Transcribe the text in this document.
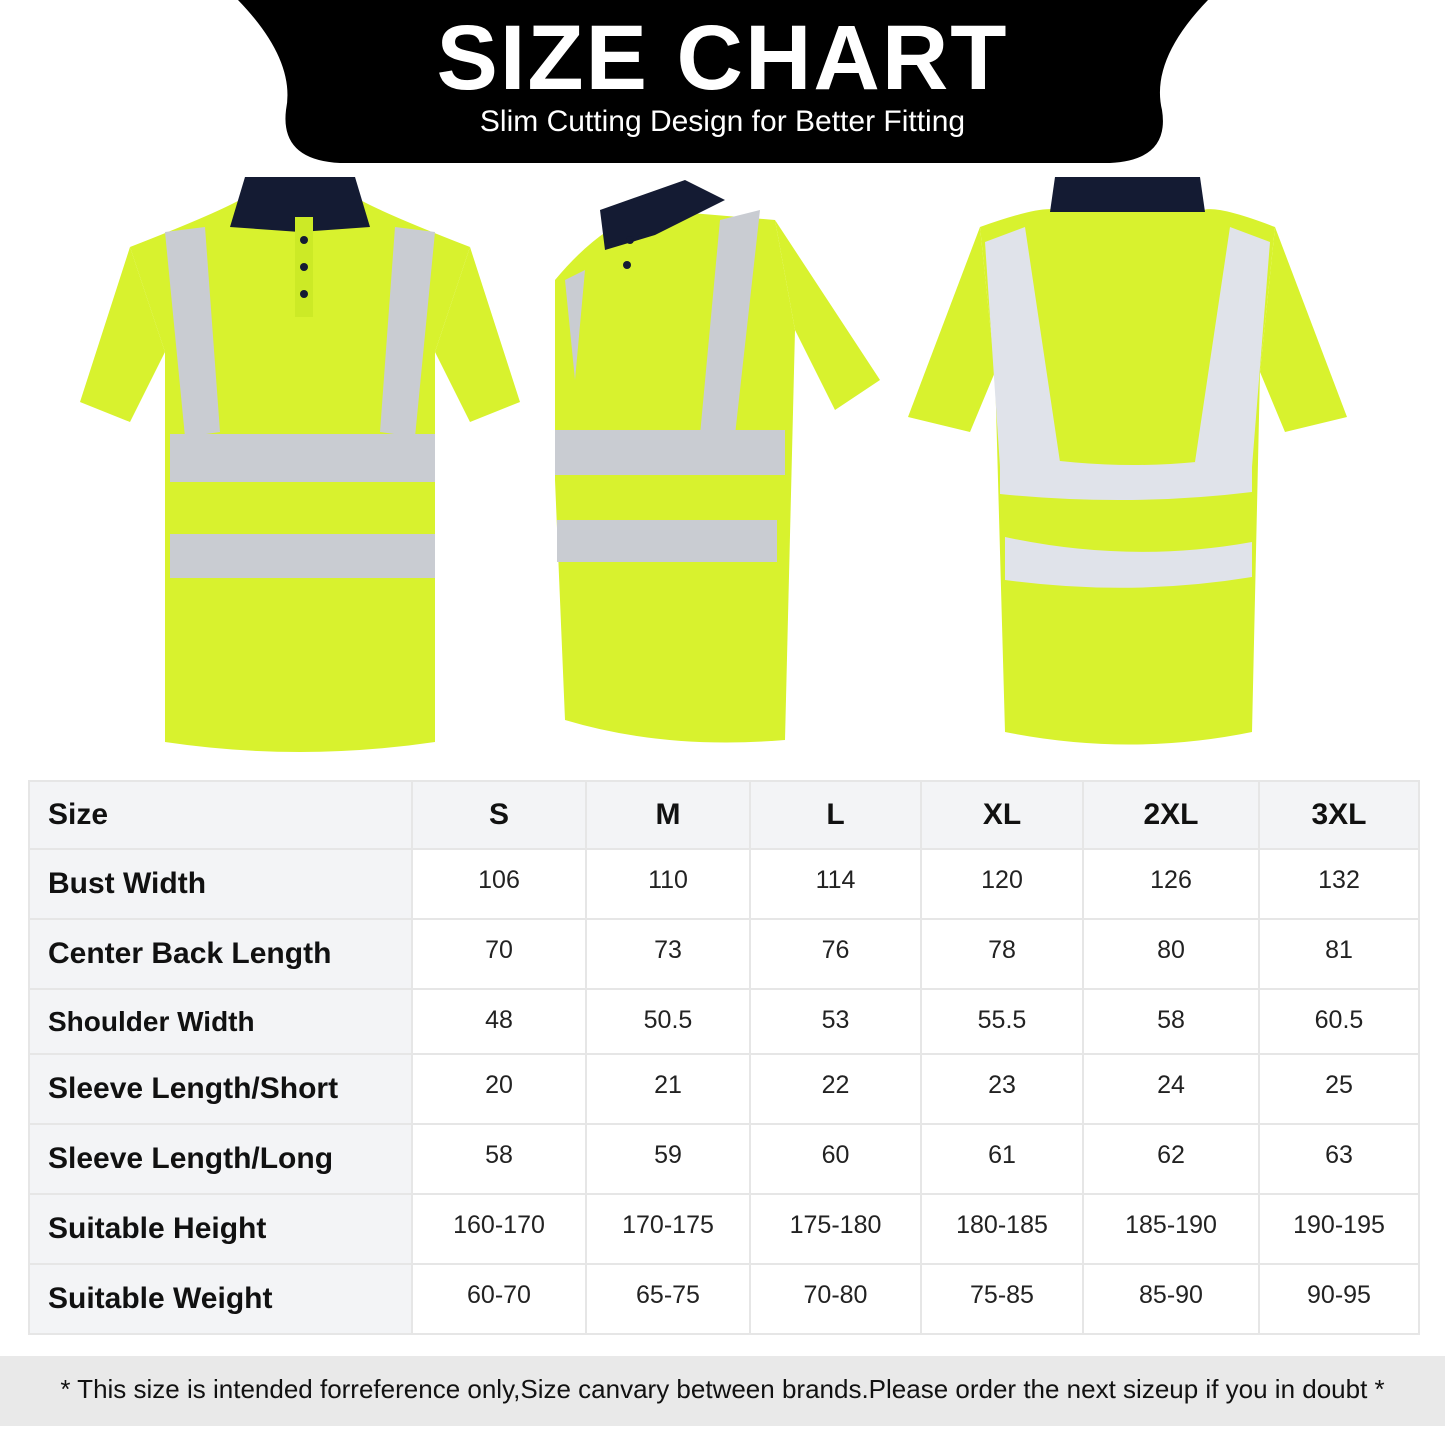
SIZE CHART
Slim Cutting Design for Better Fitting
Size	S	M	L	XL	2XL	3XL
Bust Width	106	110	114	120	126	132
Center Back Length	70	73	76	78	80	81
Shoulder Width	48	50.5	53	55.5	58	60.5
Sleeve Length/Short	20	21	22	23	24	25
Sleeve Length/Long	58	59	60	61	62	63
Suitable Height	160-170	170-175	175-180	180-185	185-190	190-195
Suitable Weight	60-70	65-75	70-80	75-85	85-90	90-95
* This size is intended forreference only,Size canvary between brands.Please order the next sizeup if you in doubt *
